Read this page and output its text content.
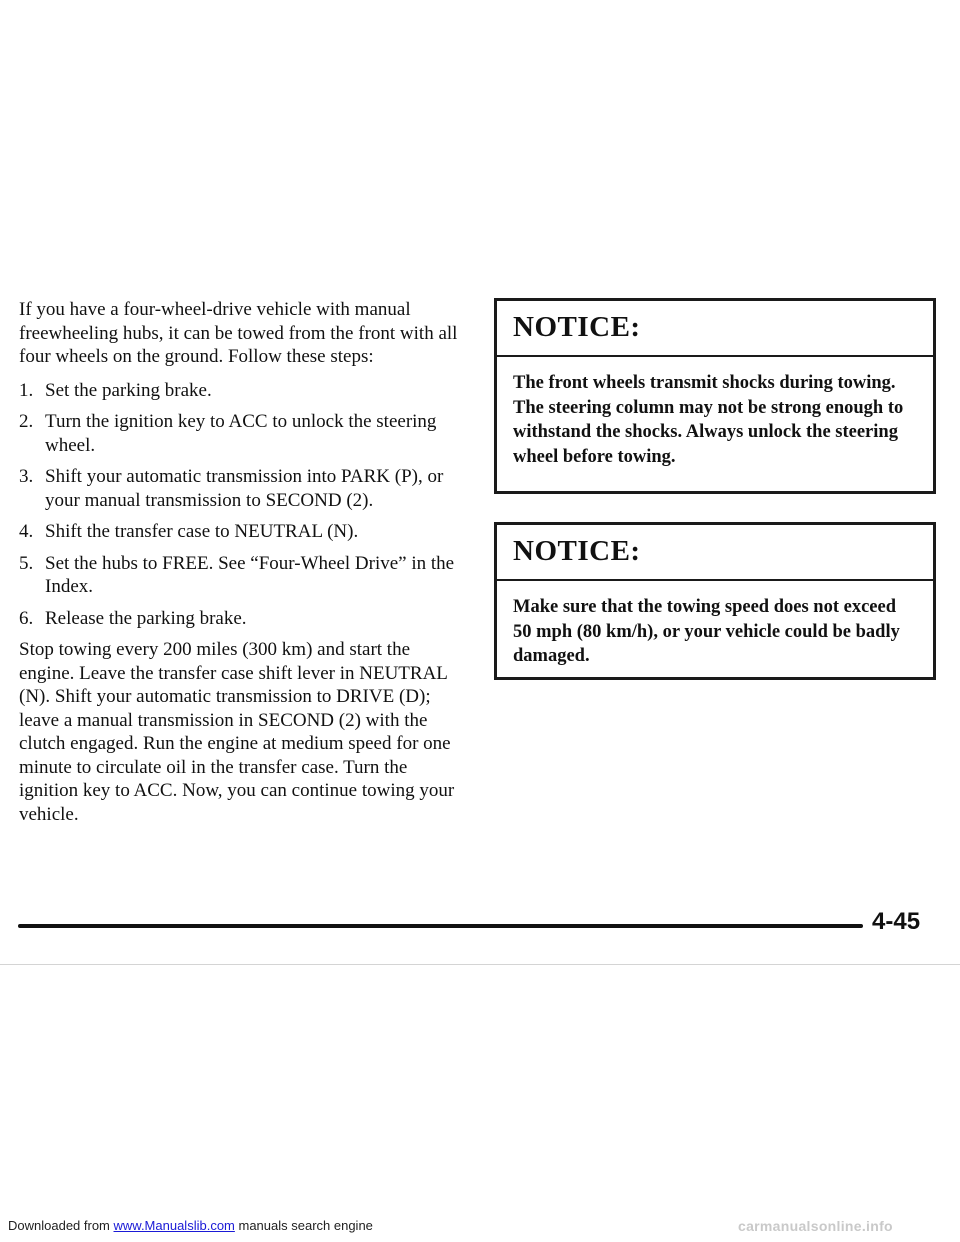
If you have a four-wheel-drive vehicle with manual freewheeling hubs, it can be towed from the front with all four wheels on the ground. Follow these steps:

1. Set the parking brake.
2. Turn the ignition key to ACC to unlock the steering wheel.
3. Shift your automatic transmission into PARK (P), or your manual transmission to SECOND (2).
4. Shift the transfer case to NEUTRAL (N).
5. Set the hubs to FREE. See “Four-Wheel Drive” in the Index.
6. Release the parking brake.

Stop towing every 200 miles (300 km) and start the engine. Leave the transfer case shift lever in NEUTRAL (N). Shift your automatic transmission to DRIVE (D); leave a manual transmission in SECOND (2) with the clutch engaged. Run the engine at medium speed for one minute to circulate oil in the transfer case. Turn the ignition key to ACC. Now, you can continue towing your vehicle.

NOTICE:
The front wheels transmit shocks during towing. The steering column may not be strong enough to withstand the shocks. Always unlock the steering wheel before towing.
NOTICE:
Make sure that the towing speed does not exceed 50 mph (80 km/h), or your vehicle could be badly damaged.
4-45
Downloaded from www.Manualslib.com manuals search engine	carmanualsonline.info
